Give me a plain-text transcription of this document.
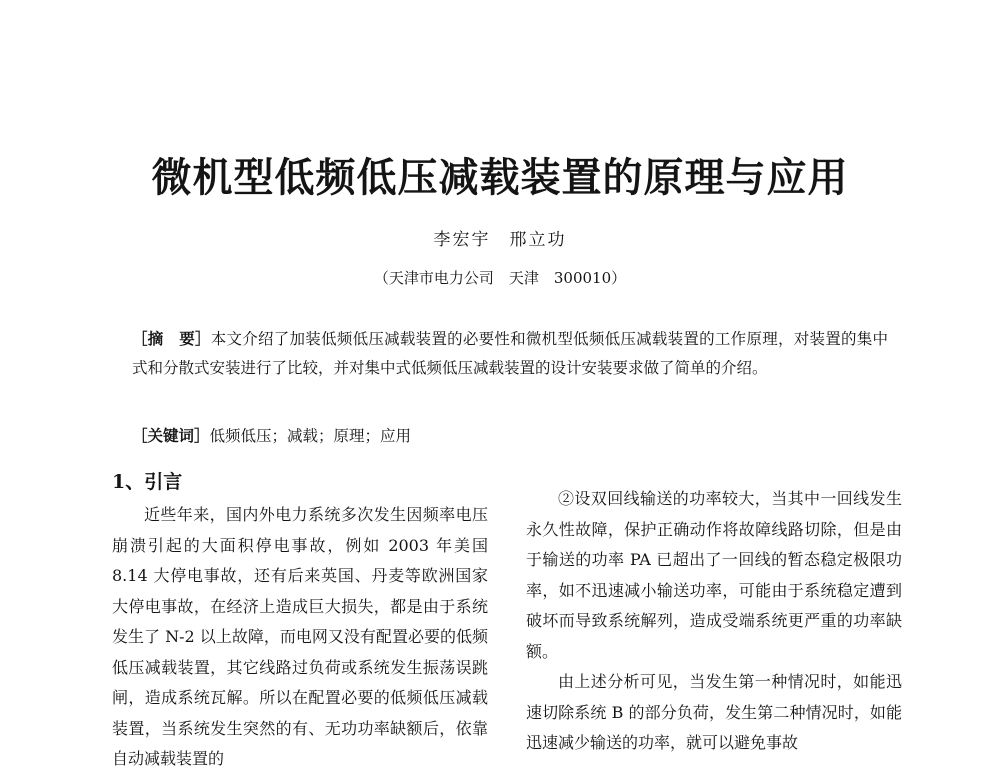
微机型低频低压减载装置的原理与应用
李宏宇　邢立功
（天津市电力公司　天津　300010）

［摘　要］本文介绍了加装低频低压减载装置的必要性和微机型低频低压减载装置的工作原理，对装置的集中式和分散式安装进行了比较，并对集中式低频低压减载装置的设计安装要求做了简单的介绍。

［关键词］低频低压；减载；原理；应用

1、引言

近些年来，国内外电力系统多次发生因频率电压崩溃引起的大面积停电事故，例如 2003 年美国 8.14 大停电事故，还有后来英国、丹麦等欧洲国家大停电事故，在经济上造成巨大损失，都是由于系统发生了 N-2 以上故障，而电网又没有配置必要的低频低压减载装置，其它线路过负荷或系统发生振荡误跳闸，造成系统瓦解。所以在配置必要的低频低压减载装置，当系统发生突然的有、无功功率缺额后，依靠自动减载装置的

②设双回线输送的功率较大，当其中一回线发生永久性故障，保护正确动作将故障线路切除，但是由于输送的功率 PA 已超出了一回线的暂态稳定极限功率，如不迅速减小输送功率，可能由于系统稳定遭到破坏而导致系统解列，造成受端系统更严重的功率缺额。

由上述分析可见，当发生第一种情况时，如能迅速切除系统 B 的部分负荷，发生第二种情况时，如能迅速减少输送的功率，就可以避免事故
